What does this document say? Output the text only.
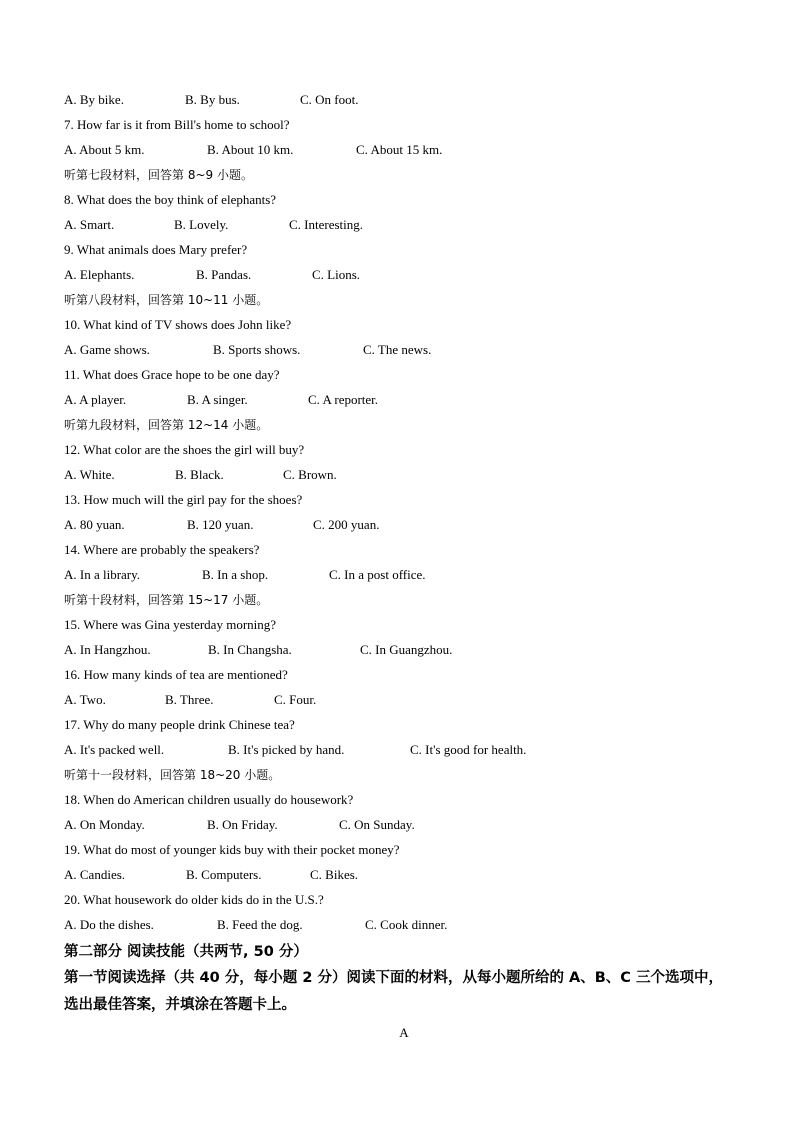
A. By bike.	B. By bus.	C. On foot.
7. How far is it from Bill's home to school?
A. About 5 km.	B. About 10 km.	C. About 15 km.
听第七段材料，回答第 8~9 小题。
8. What does the boy think of elephants?
A. Smart.	B. Lovely.	C. Interesting.
9. What animals does Mary prefer?
A. Elephants.	B. Pandas.	C. Lions.
听第八段材料，回答第 10~11 小题。
10. What kind of TV shows does John like?
A. Game shows.	B. Sports shows.	C. The news.
11. What does Grace hope to be one day?
A. A player.	B. A singer.	C. A reporter.
听第九段材料，回答第 12~14 小题。
12. What color are the shoes the girl will buy?
A. White.	B. Black.	C. Brown.
13. How much will the girl pay for the shoes?
A. 80 yuan.	B. 120 yuan.	C. 200 yuan.
14. Where are probably the speakers?
A. In a library.	B. In a shop.	C. In a post office.
听第十段材料，回答第 15~17 小题。
15. Where was Gina yesterday morning?
A. In Hangzhou.	B. In Changsha.	C. In Guangzhou.
16. How many kinds of tea are mentioned?
A. Two.	B. Three.	C. Four.
17. Why do many people drink Chinese tea?
A. It's packed well.	B. It's picked by hand.	C. It's good for health.
听第十一段材料，回答第 18~20 小题。
18. When do American children usually do housework?
A. On Monday.	B. On Friday.	C. On Sunday.
19. What do most of younger kids buy with their pocket money?
A. Candies.	B. Computers.	C. Bikes.
20. What housework do older kids do in the U.S.?
A. Do the dishes.	B. Feed the dog.	C. Cook dinner.
第二部分 阅读技能（共两节, 50 分）
第一节阅读选择（共 40 分，每小题 2 分）阅读下面的材料，从每小题所给的 A、B、C 三个选项中，选出最佳答案，并填涂在答题卡上。
A
